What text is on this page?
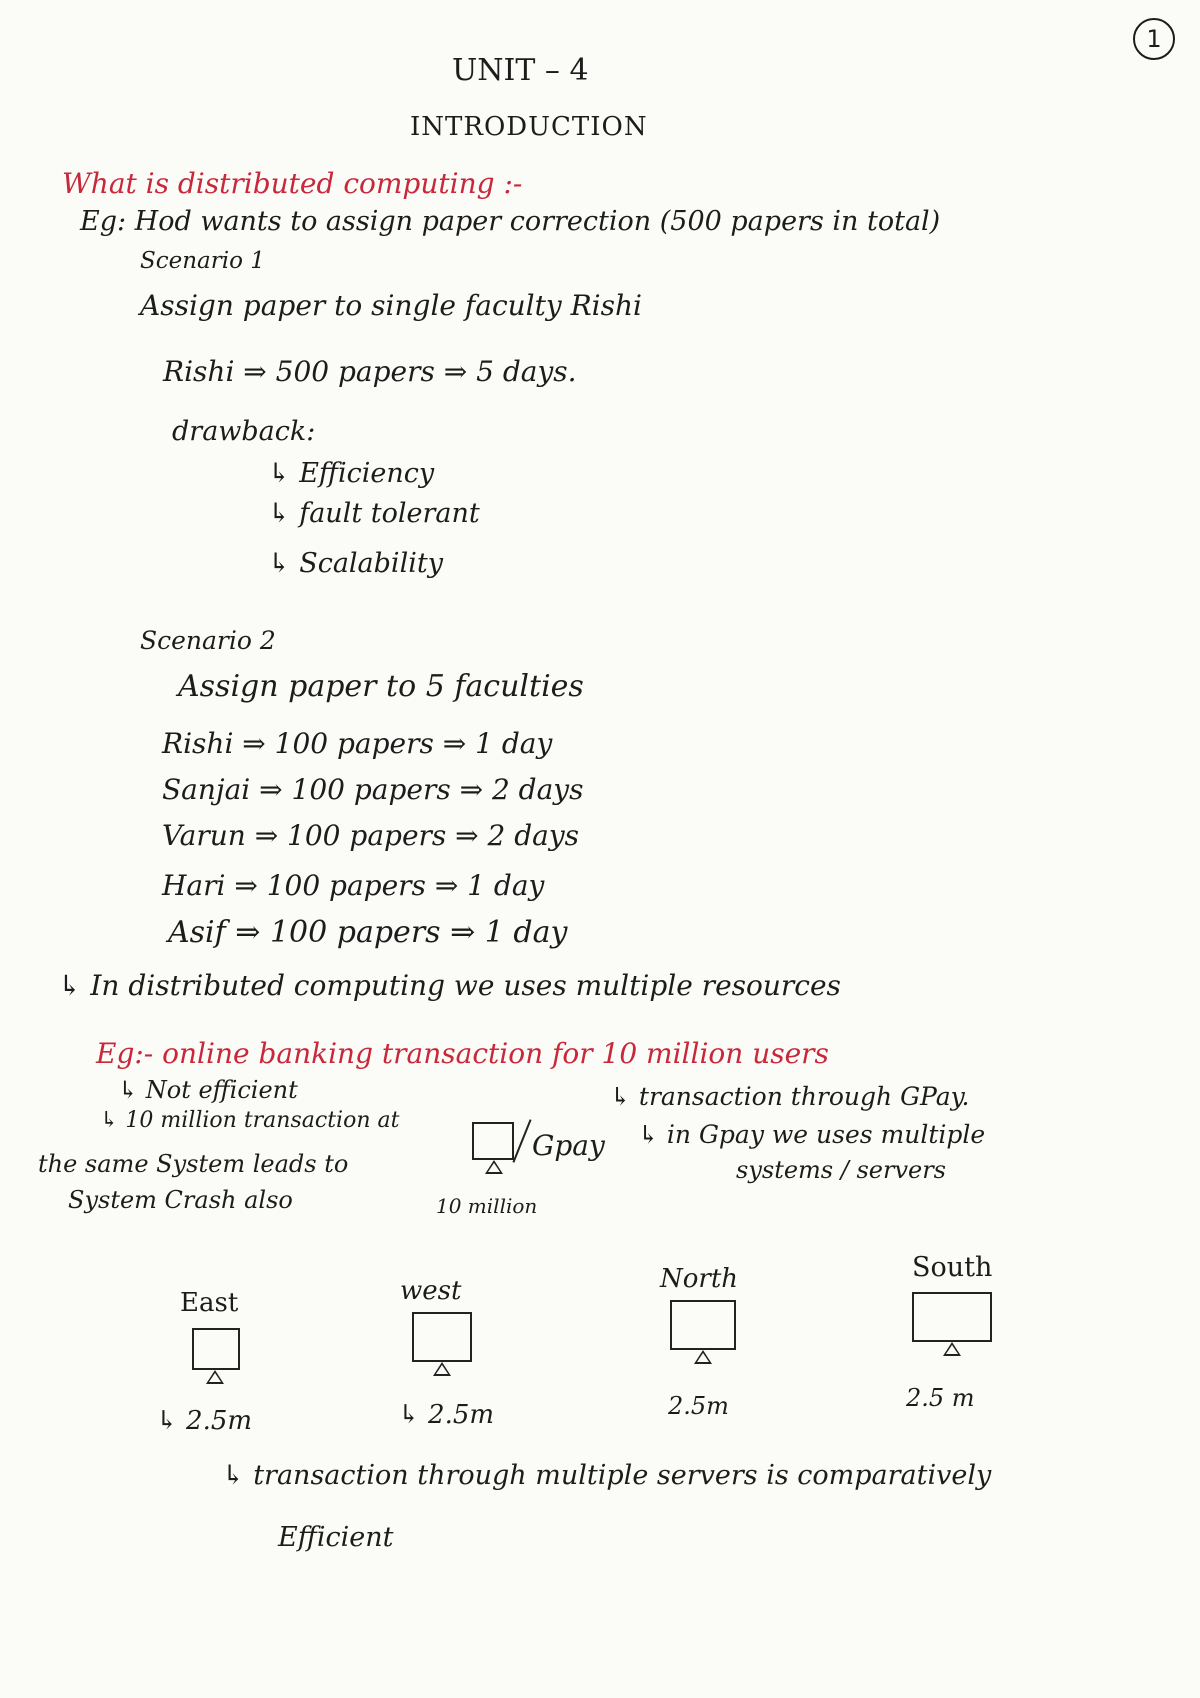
1
UNIT – 4
INTRODUCTION
What is distributed computing :-
Eg: Hod wants to assign paper correction (500 papers in total)
Scenario 1
Assign paper to single faculty Rishi
Rishi ⇒ 500 papers ⇒ 5 days.
drawback:
↳ Efficiency
↳ fault tolerant
↳ Scalability
Scenario 2
Assign paper to 5 faculties
Rishi ⇒ 100 papers ⇒ 1 day
Sanjai ⇒ 100 papers ⇒ 2 days
Varun ⇒ 100 papers ⇒ 2 days
Hari ⇒ 100 papers ⇒ 1 day
Asif ⇒ 100 papers ⇒ 1 day
↳ In distributed computing we uses multiple resources
Eg:- online banking transaction for 10 million users
↳ Not efficient
↳ 10 million transaction at
the same System leads to
System Crash also
Gpay
10 million
↳ transaction through GPay.
↳ in Gpay we uses multiple
systems / servers
East
↳ 2.5m
west
↳ 2.5m
North
2.5m
South
2.5 m
↳ transaction through multiple servers is comparatively
Efficient
